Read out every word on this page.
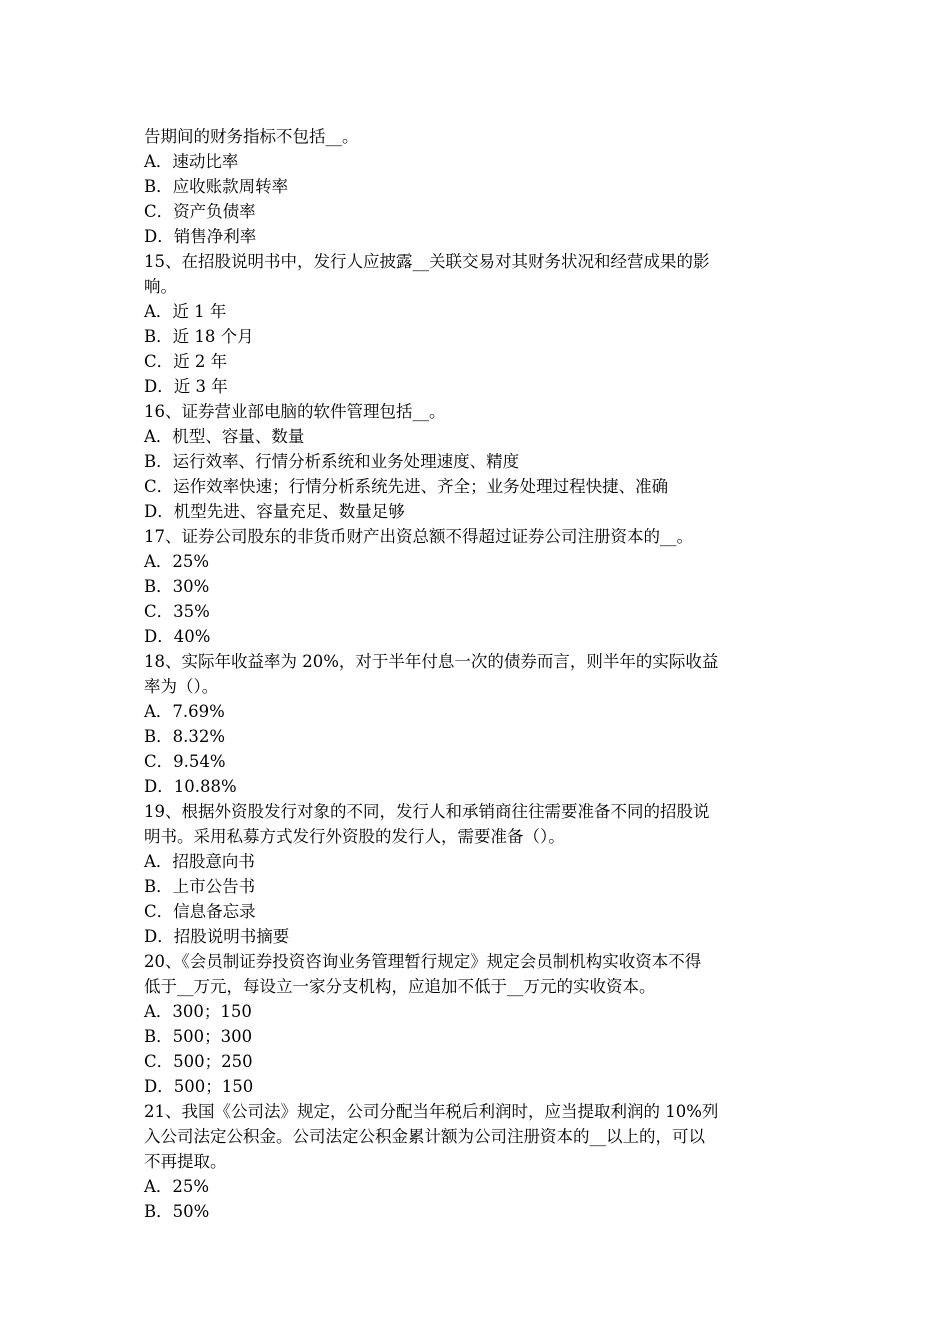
告期间的财务指标不包括__。
A．速动比率
B．应收账款周转率
C．资产负债率
D．销售净利率
15、在招股说明书中，发行人应披露__关联交易对其财务状况和经营成果的影
响。
A．近 1 年
B．近 18 个月
C．近 2 年
D．近 3 年
16、证券营业部电脑的软件管理包括__。
A．机型、容量、数量
B．运行效率、行情分析系统和业务处理速度、精度
C．运作效率快速；行情分析系统先进、齐全；业务处理过程快捷、准确
D．机型先进、容量充足、数量足够
17、证券公司股东的非货币财产出资总额不得超过证券公司注册资本的__。
A．25%
B．30%
C．35%
D．40%
18、实际年收益率为 20%，对于半年付息一次的债券而言，则半年的实际收益
率为（）。
A．7.69%
B．8.32%
C．9.54%
D．10.88%
19、根据外资股发行对象的不同，发行人和承销商往往需要准备不同的招股说
明书。采用私募方式发行外资股的发行人，需要准备（）。
A．招股意向书
B．上市公告书
C．信息备忘录
D．招股说明书摘要
20、《会员制证券投资咨询业务管理暂行规定》规定会员制机构实收资本不得
低于__万元，每设立一家分支机构，应追加不低于__万元的实收资本。
A．300；150
B．500；300
C．500；250
D．500；150
21、我国《公司法》规定，公司分配当年税后利润时，应当提取利润的 10%列
入公司法定公积金。公司法定公积金累计额为公司注册资本的__以上的，可以
不再提取。
A．25%
B．50%
